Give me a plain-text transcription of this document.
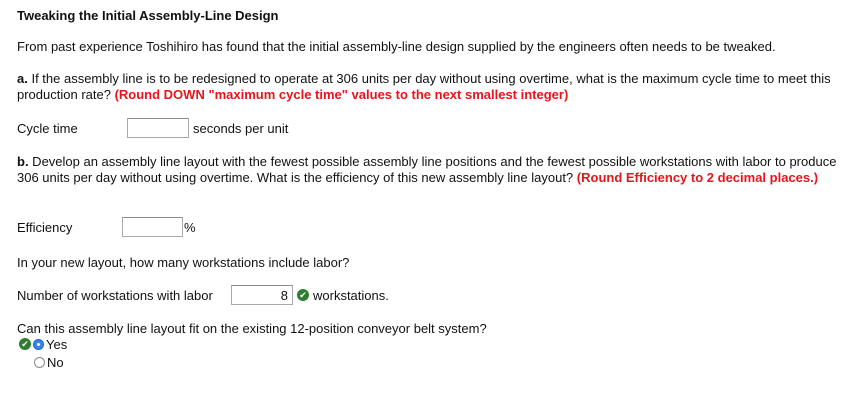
Tweaking the Initial Assembly-Line Design
From past experience Toshihiro has found that the initial assembly-line design supplied by the engineers often needs to be tweaked.
a. If the assembly line is to be redesigned to operate at 306 units per day without using overtime, what is the maximum cycle time to meet this production rate? (Round DOWN "maximum cycle time" values to the next smallest integer)
Cycle time	seconds per unit
b. Develop an assembly line layout with the fewest possible assembly line positions and the fewest possible workstations with labor to produce 306 units per day without using overtime. What is the efficiency of this new assembly line layout? (Round Efficiency to 2 decimal places.)
Efficiency	%
In your new layout, how many workstations include labor?
Number of workstations with labor	8	✔ workstations.
Can this assembly line layout fit on the existing 12-position conveyor belt system?
✔ Yes
No
